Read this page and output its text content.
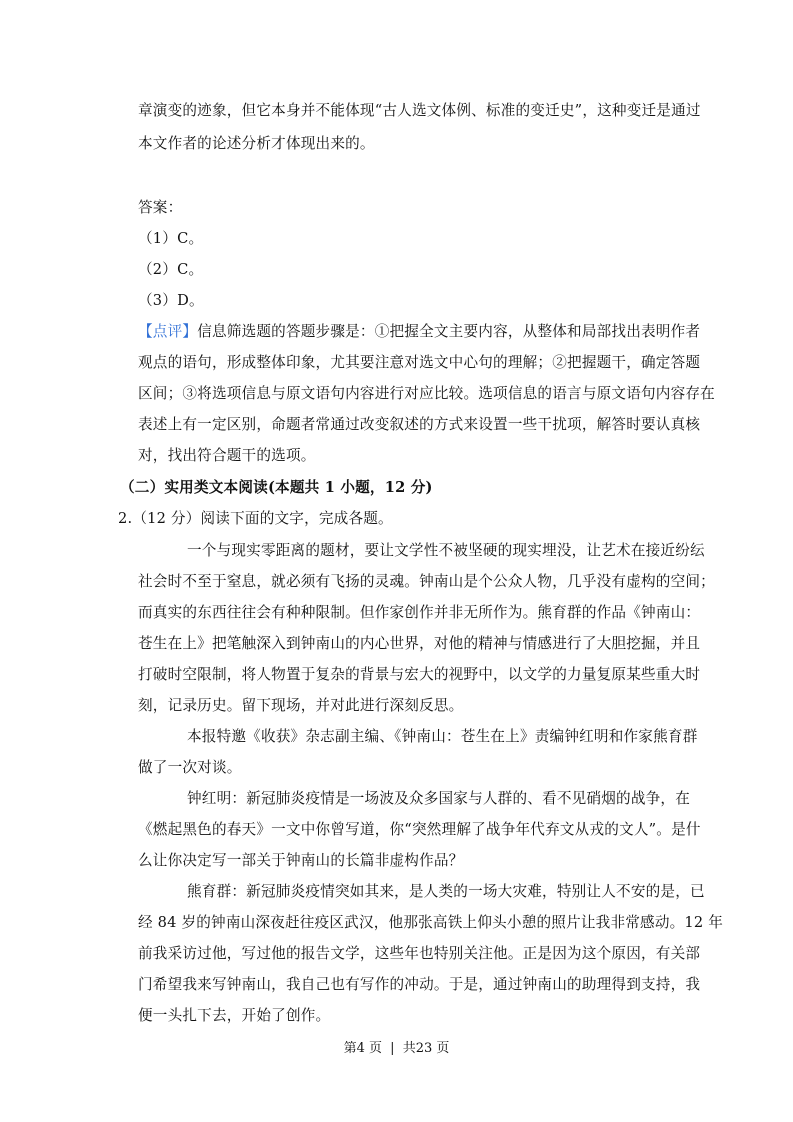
章演变的迹象，但它本身并不能体现“古人选文体例、标准的变迁史”，这种变迁是通过
本文作者的论述分析才体现出来的。
答案：
（1）C。
（2）C。
（3）D。
【点评】信息筛选题的答题步骤是：①把握全文主要内容，从整体和局部找出表明作者
观点的语句，形成整体印象，尤其要注意对选文中心句的理解；②把握题干，确定答题
区间；③将选项信息与原文语句内容进行对应比较。选项信息的语言与原文语句内容存在
表述上有一定区别，命题者常通过改变叙述的方式来设置一些干扰项，解答时要认真核
对，找出符合题干的选项。
（二）实用类文本阅读(本题共 1 小题，12 分)
2.（12 分）阅读下面的文字，完成各题。
一个与现实零距离的题材，要让文学性不被坚硬的现实埋没，让艺术在接近纷纭
社会时不至于窒息，就必须有飞扬的灵魂。钟南山是个公众人物，几乎没有虚构的空间；
而真实的东西往往会有种种限制。但作家创作并非无所作为。熊育群的作品《钟南山：
苍生在上》把笔触深入到钟南山的内心世界，对他的精神与情感进行了大胆挖掘，并且
打破时空限制，将人物置于复杂的背景与宏大的视野中，以文学的力量复原某些重大时
刻，记录历史。留下现场，并对此进行深刻反思。
本报特邀《收获》杂志副主编、《钟南山：苍生在上》责编钟红明和作家熊育群
做了一次对谈。
钟红明：新冠肺炎疫情是一场波及众多国家与人群的、看不见硝烟的战争，在
《燃起黑色的春天》一文中你曾写道，你“突然理解了战争年代弃文从戎的文人”。是什
么让你决定写一部关于钟南山的长篇非虚构作品？
熊育群：新冠肺炎疫情突如其来，是人类的一场大灾难，特别让人不安的是，已
经 84 岁的钟南山深夜赶往疫区武汉，他那张高铁上仰头小憩的照片让我非常感动。12 年
前我采访过他，写过他的报告文学，这些年也特别关注他。正是因为这个原因，有关部
门希望我来写钟南山，我自己也有写作的冲动。于是，通过钟南山的助理得到支持，我
便一头扎下去，开始了创作。
第4 页 | 共23 页
